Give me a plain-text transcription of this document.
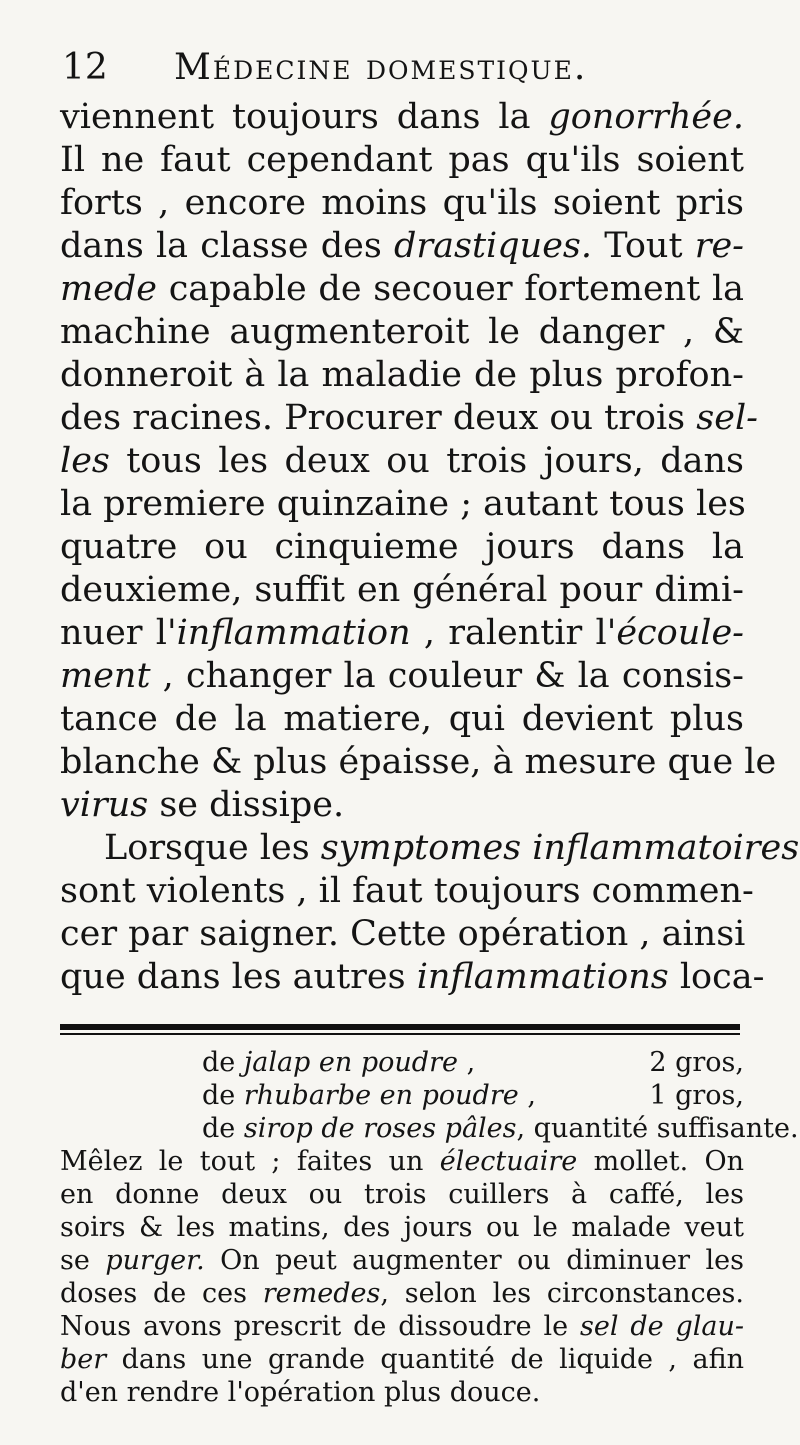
12 Médecine domestique.
viennent toujours dans la gonorrhée.
Il ne faut cependant pas qu'ils soient
forts , encore moins qu'ils soient pris
dans la classe des drastiques. Tout re-
mede capable de secouer fortement la
machine augmenteroit le danger , &
donneroit à la maladie de plus profon-
des racines. Procurer deux ou trois sel-
les tous les deux ou trois jours, dans
la premiere quinzaine ; autant tous les
quatre ou cinquieme jours dans la
deuxieme, suffit en général pour dimi-
nuer l'inflammation , ralentir l'écoule-
ment , changer la couleur & la consis-
tance de la matiere, qui devient plus
blanche & plus épaisse, à mesure que le
virus se dissipe.
Lorsque les symptomes inflammatoires
sont violents , il faut toujours commen-
cer par saigner. Cette opération , ainsi
que dans les autres inflammations loca-
de jalap en poudre ,	2 gros,
de rhubarbe en poudre ,	1 gros,
de sirop de roses pâles, quantité suffisante.
Mêlez le tout ; faites un électuaire mollet. On
en donne deux ou trois cuillers à caffé, les
soirs & les matins, des jours ou le malade veut
se purger. On peut augmenter ou diminuer les
doses de ces remedes, selon les circonstances.
Nous avons prescrit de dissoudre le sel de glau-
ber dans une grande quantité de liquide , afin
d'en rendre l'opération plus douce.
